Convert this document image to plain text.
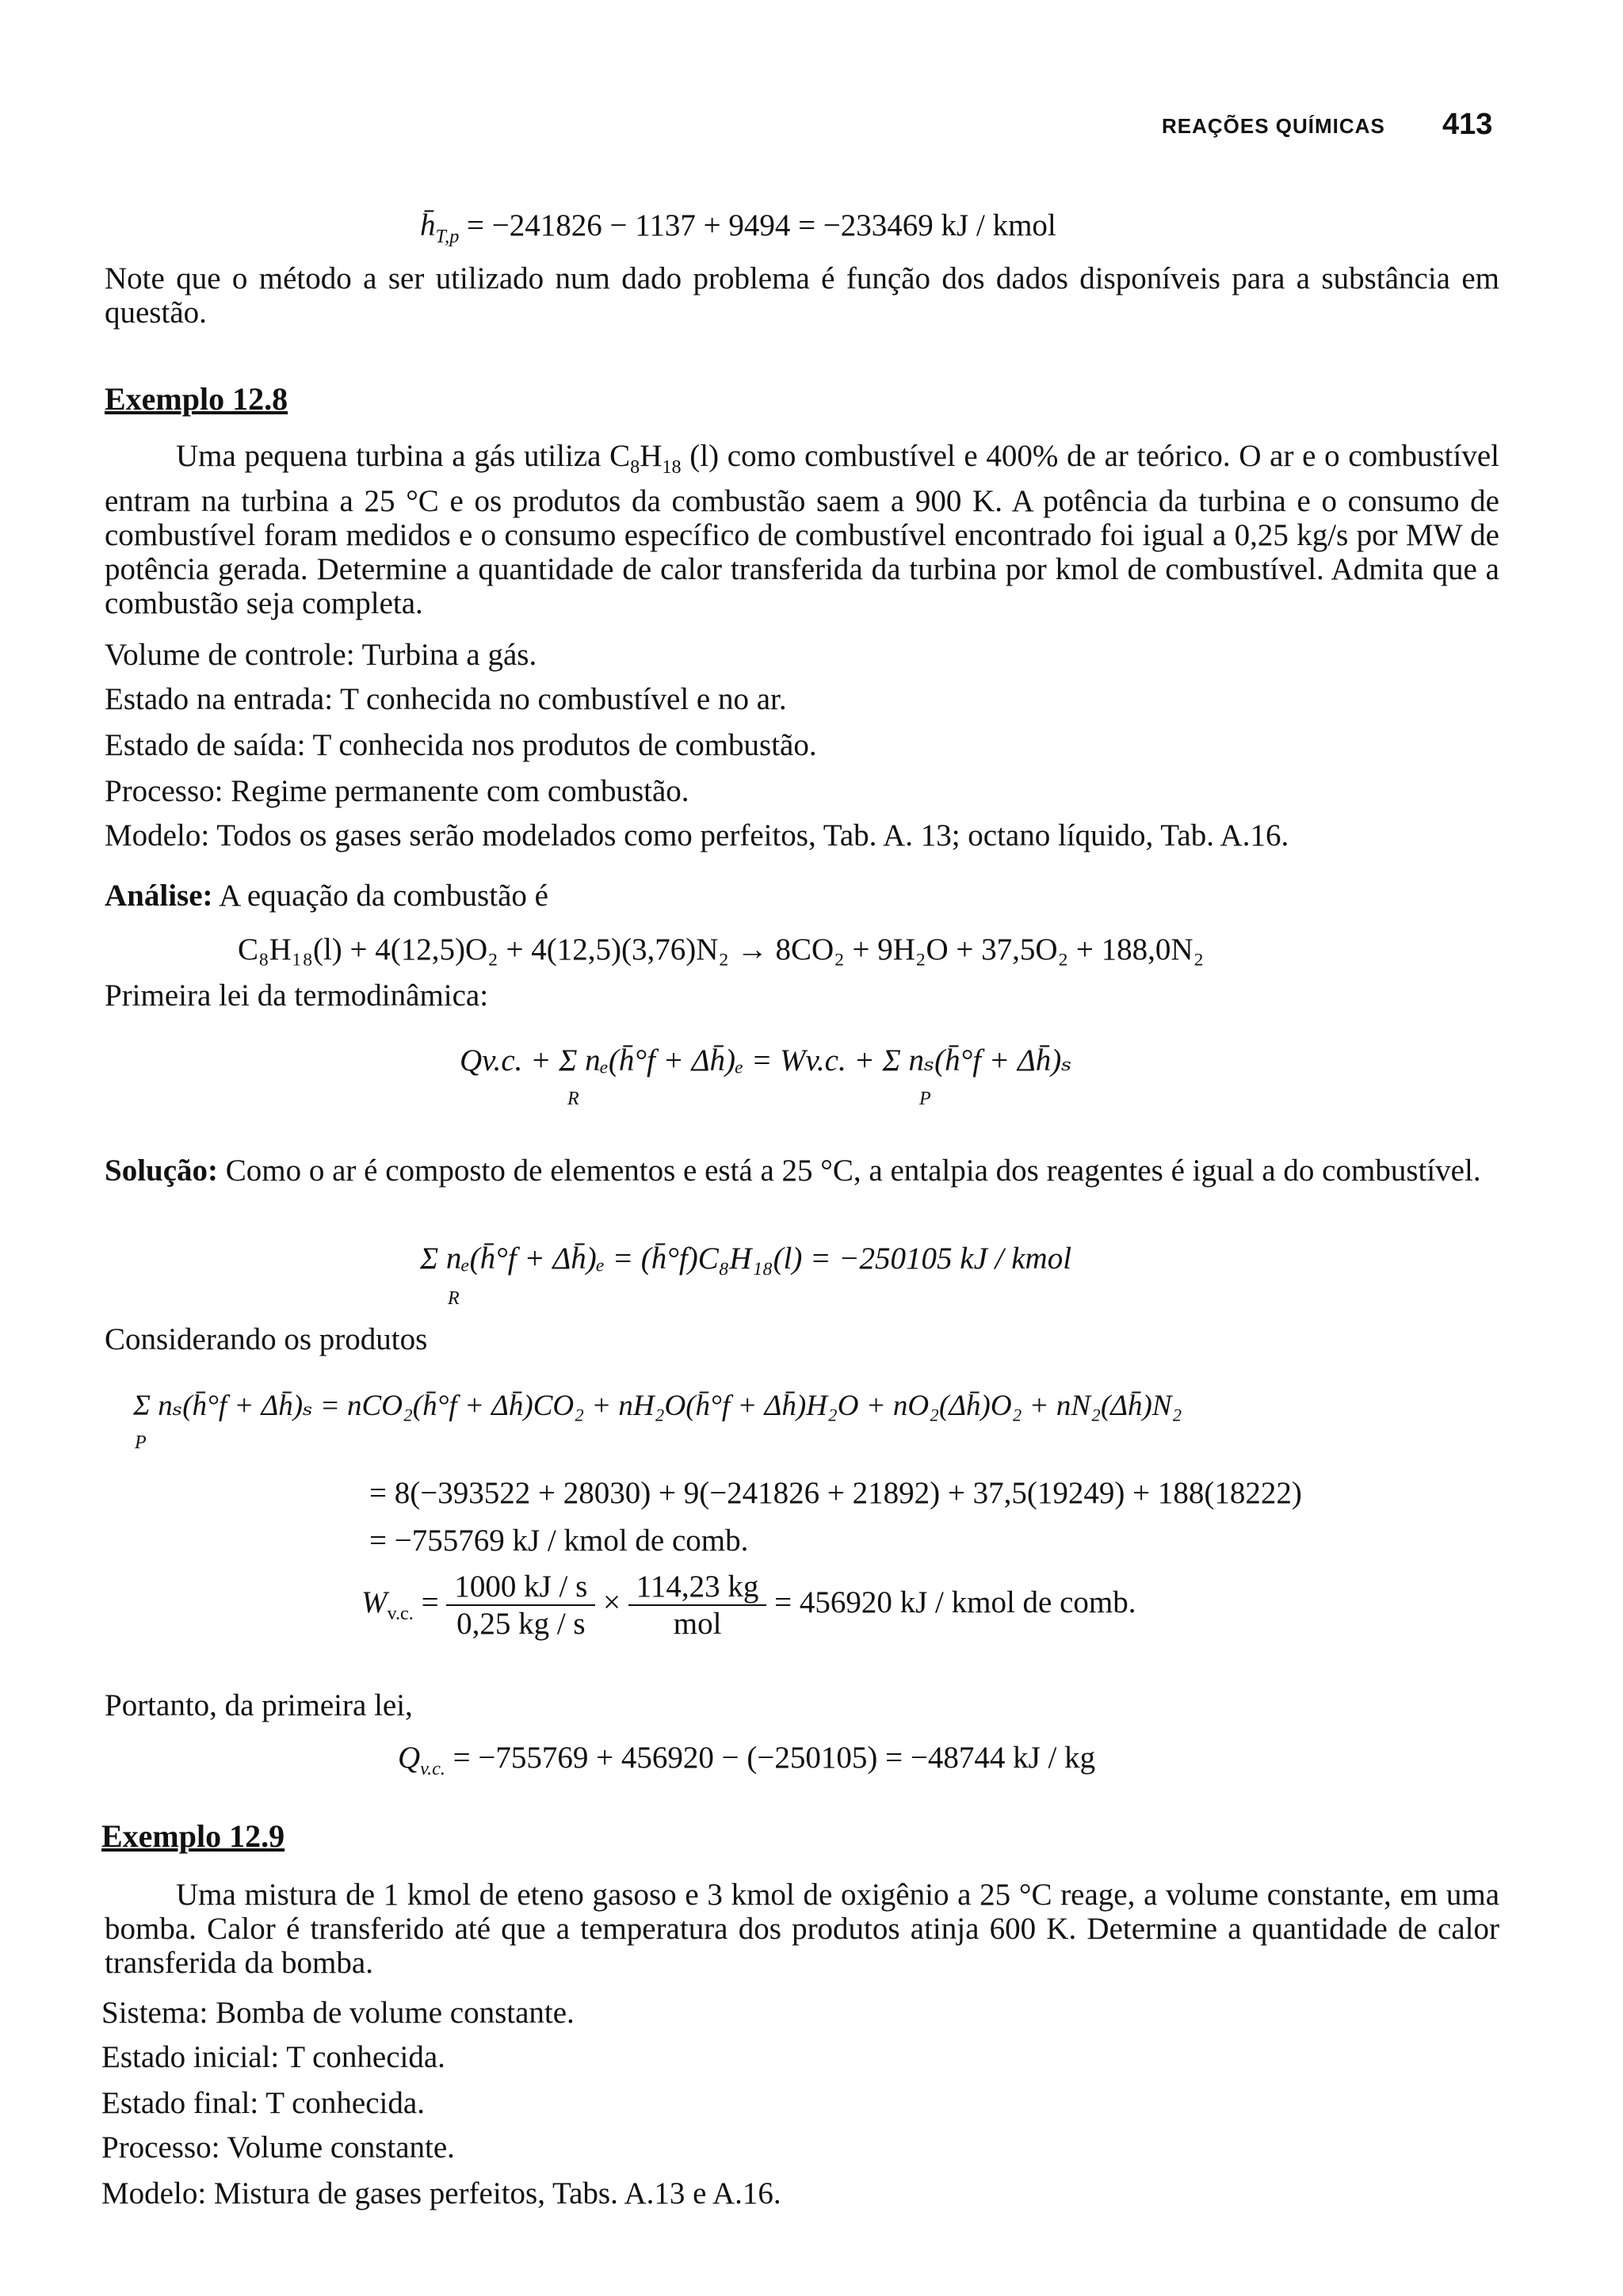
REAÇÕES QUÍMICAS 413
$h̄_{T,p} = -241826 - 1137 + 9494 = -233469$ kJ / kmol

Note que o método a ser utilizado num dado problema é função dos dados disponíveis para a substância em questão.

Exemplo 12.8

Uma pequena turbina a gás utiliza $C_8H_{18}$ (l) como combustível e 400% de ar teórico. O ar e o combustível entram na turbina a 25 °C e os produtos da combustão saem a 900 K. A potência da turbina e o consumo de combustível foram medidos e o consumo específico de combustível encontrado foi igual a 0,25 kg/s por MW de potência gerada. Determine a quantidade de calor transferida da turbina por kmol de combustível. Admita que a combustão seja completa.

Volume de controle: Turbina a gás.
Estado na entrada: T conhecida no combustível e no ar.
Estado de saída: T conhecida nos produtos de combustão.
Processo: Regime permanente com combustão.
Modelo: Todos os gases serão modelados como perfeitos, Tab. A. 13; octano líquido, Tab. A.16.
Análise: A equação da combustão é
C₈H₁₈(l) + 4(12,5)O₂ + 4(12,5)(3,76)N₂ → 8CO₂ + 9H₂O + 37,5O₂ + 188,0N₂
Primeira lei da termodinâmica:
Qv.c. + Σ nₑ(h̄°f + Δh̄)ₑ = Wv.c. + Σ nₛ(h̄°f + Δh̄)ₛ
R	P

Solução: Como o ar é composto de elementos e está a 25 °C, a entalpia dos reagentes é igual a do combustível.

Σ nₑ(h̄°f + Δh̄)ₑ = (h̄°f)C₈H₁₈(l) = −250105 kJ / kmol
R
Considerando os produtos
Σ nₛ(h̄°f + Δh̄)ₛ = nCO₂(h̄°f + Δh̄)CO₂ + nH₂O(h̄°f + Δh̄)H₂O + nO₂(Δh̄)O₂ + nN₂(Δh̄)N₂
P
= 8(−393522 + 28030) + 9(−241826 + 21892) + 37,5(19249) + 188(18222)
= −755769 kJ / kmol de comb.
$W_{v.c.} = \frac{1000 kJ / s}{0,25 kg / s} \times \frac{114,23 kg}{\text{mol}} = 456920$ kJ / kmol de comb.
Portanto, da primeira lei,
$Q_{v.c.} = -755769 + 456920 - (-250105) = -48744$ kJ / kg
Exemplo 12.9

Uma mistura de 1 kmol de eteno gasoso e 3 kmol de oxigênio a 25 °C reage, a volume constante, em uma bomba. Calor é transferido até que a temperatura dos produtos atinja 600 K. Determine a quantidade de calor transferida da bomba.

Sistema: Bomba de volume constante.
Estado inicial: T conhecida.
Estado final: T conhecida.
Processo: Volume constante.
Modelo: Mistura de gases perfeitos, Tabs. A.13 e A.16.
